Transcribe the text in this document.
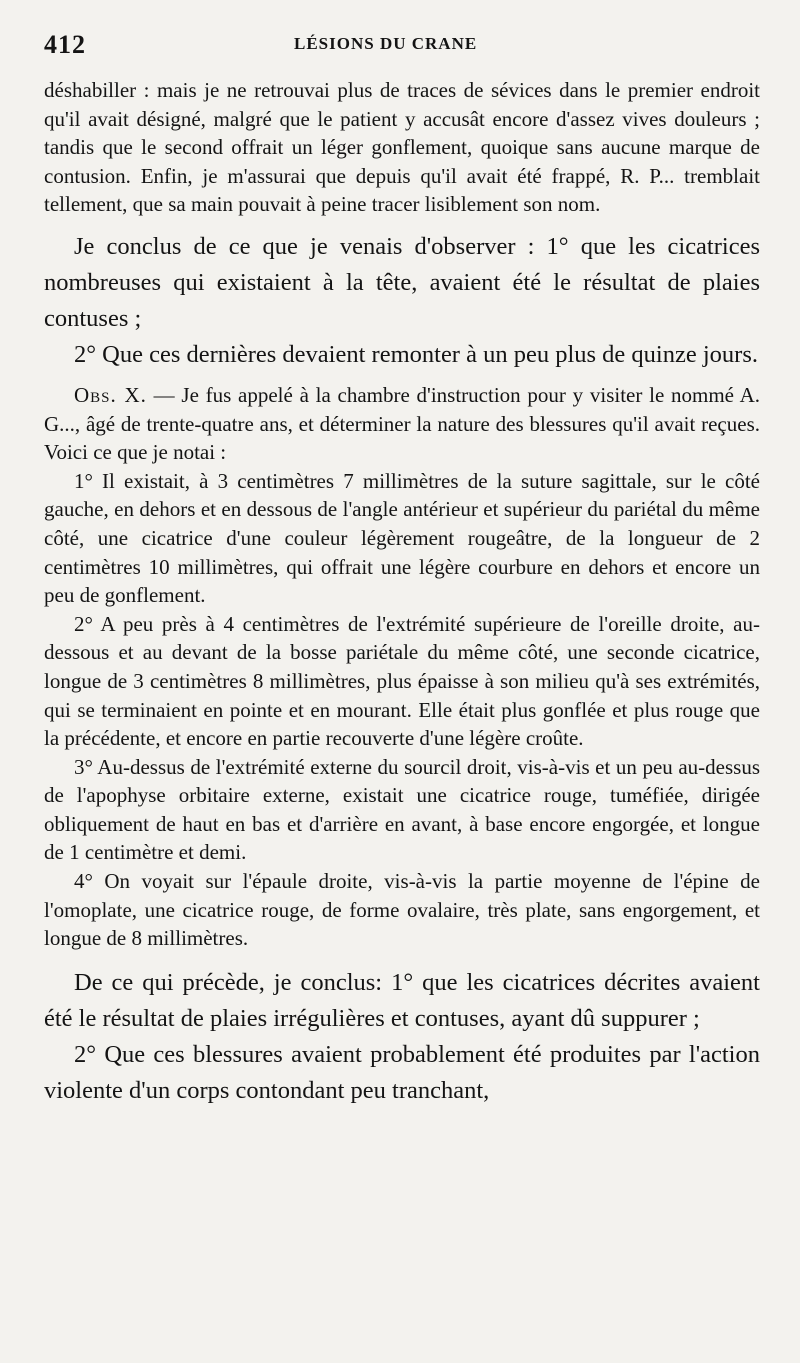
412	LÉSIONS DU CRANE

déshabiller : mais je ne retrouvai plus de traces de sévices dans le premier endroit qu'il avait désigné, malgré que le patient y accusât encore d'assez vives douleurs ; tandis que le second offrait un léger gonflement, quoique sans aucune marque de contusion. Enfin, je m'assurai que depuis qu'il avait été frappé, R. P... tremblait tellement, que sa main pouvait à peine tracer lisiblement son nom.

Je conclus de ce que je venais d'observer : 1° que les cicatrices nombreuses qui existaient à la tête, avaient été le résultat de plaies contuses ;

2° Que ces dernières devaient remonter à un peu plus de quinze jours.

Obs. X. — Je fus appelé à la chambre d'instruction pour y visiter le nommé A. G..., âgé de trente-quatre ans, et déterminer la nature des blessures qu'il avait reçues. Voici ce que je notai :

1° Il existait, à 3 centimètres 7 millimètres de la suture sagittale, sur le côté gauche, en dehors et en dessous de l'angle antérieur et supérieur du pariétal du même côté, une cicatrice d'une couleur légèrement rougeâtre, de la longueur de 2 centimètres 10 millimètres, qui offrait une légère courbure en dehors et encore un peu de gonflement.

2° A peu près à 4 centimètres de l'extrémité supérieure de l'oreille droite, au-dessous et au devant de la bosse pariétale du même côté, une seconde cicatrice, longue de 3 centimètres 8 millimètres, plus épaisse à son milieu qu'à ses extrémités, qui se terminaient en pointe et en mourant. Elle était plus gonflée et plus rouge que la précédente, et encore en partie recouverte d'une légère croûte.

3° Au-dessus de l'extrémité externe du sourcil droit, vis-à-vis et un peu au-dessus de l'apophyse orbitaire externe, existait une cicatrice rouge, tuméfiée, dirigée obliquement de haut en bas et d'arrière en avant, à base encore engorgée, et longue de 1 centimètre et demi.

4° On voyait sur l'épaule droite, vis-à-vis la partie moyenne de l'épine de l'omoplate, une cicatrice rouge, de forme ovalaire, très plate, sans engorgement, et longue de 8 millimètres.

De ce qui précède, je conclus: 1° que les cicatrices décrites avaient été le résultat de plaies irrégulières et contuses, ayant dû suppurer ;

2° Que ces blessures avaient probablement été produites par l'action violente d'un corps contondant peu tranchant,
